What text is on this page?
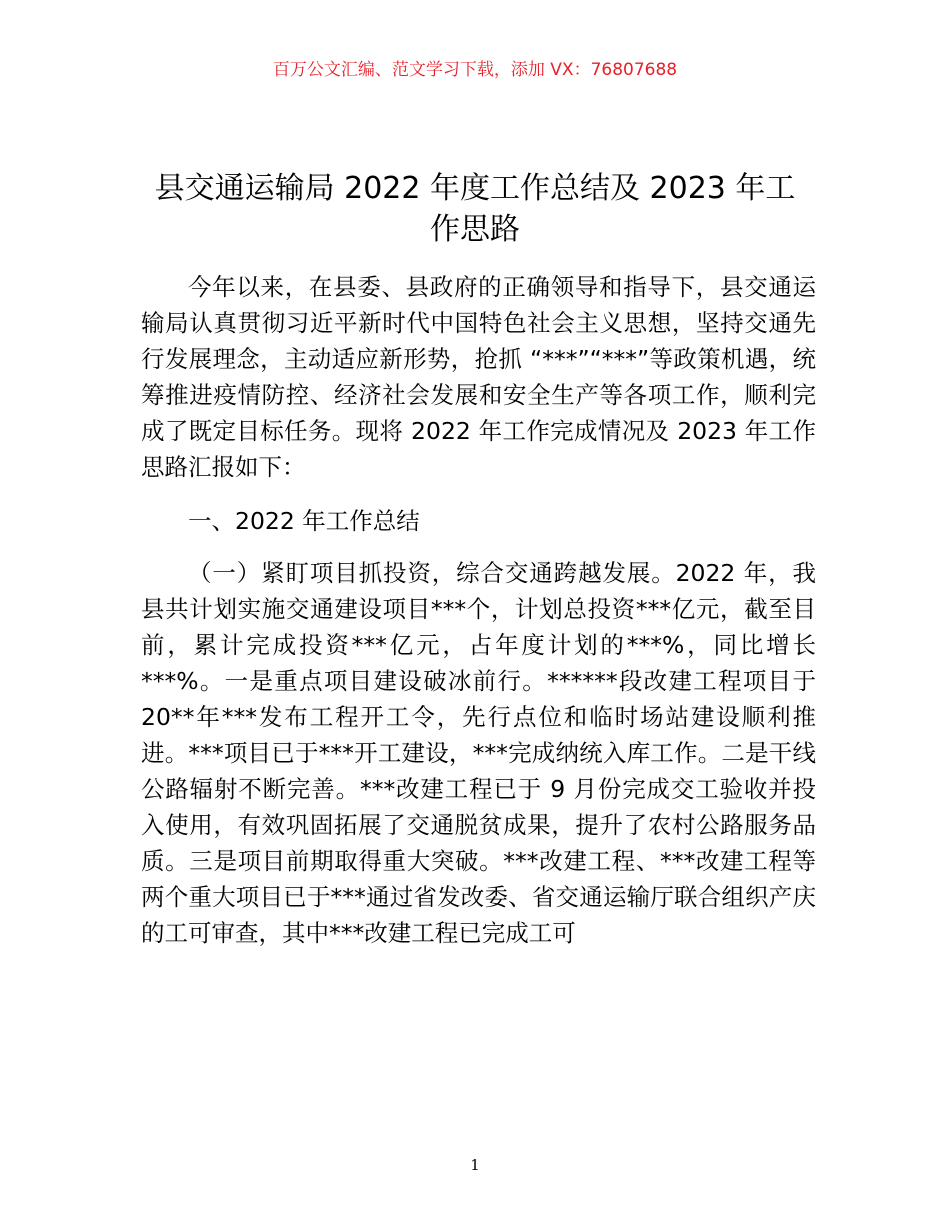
百万公文汇编、范文学习下载，添加 VX：76807688
县交通运输局 2022 年度工作总结及 2023 年工作思路

今年以来，在县委、县政府的正确领导和指导下，县交通运输局认真贯彻习近平新时代中国特色社会主义思想，坚持交通先行发展理念，主动适应新形势，抢抓 “***”“***”等政策机遇，统筹推进疫情防控、经济社会发展和安全生产等各项工作，顺利完成了既定目标任务。现将 2022 年工作完成情况及 2023 年工作思路汇报如下：

一、2022 年工作总结

（一）紧盯项目抓投资，综合交通跨越发展。2022 年，我县共计划实施交通建设项目***个，计划总投资***亿元，截至目前，累计完成投资***亿元，占年度计划的***%，同比增长***%。一是重点项目建设破冰前行。******段改建工程项目于 20**年***发布工程开工令，先行点位和临时场站建设顺利推进。***项目已于***开工建设，***完成纳统入库工作。二是干线公路辐射不断完善。***改建工程已于 9 月份完成交工验收并投入使用，有效巩固拓展了交通脱贫成果，提升了农村公路服务品质。三是项目前期取得重大突破。***改建工程、***改建工程等两个重大项目已于***通过省发改委、省交通运输厅联合组织产庆的工可审查，其中***改建工程已完成工可

1
